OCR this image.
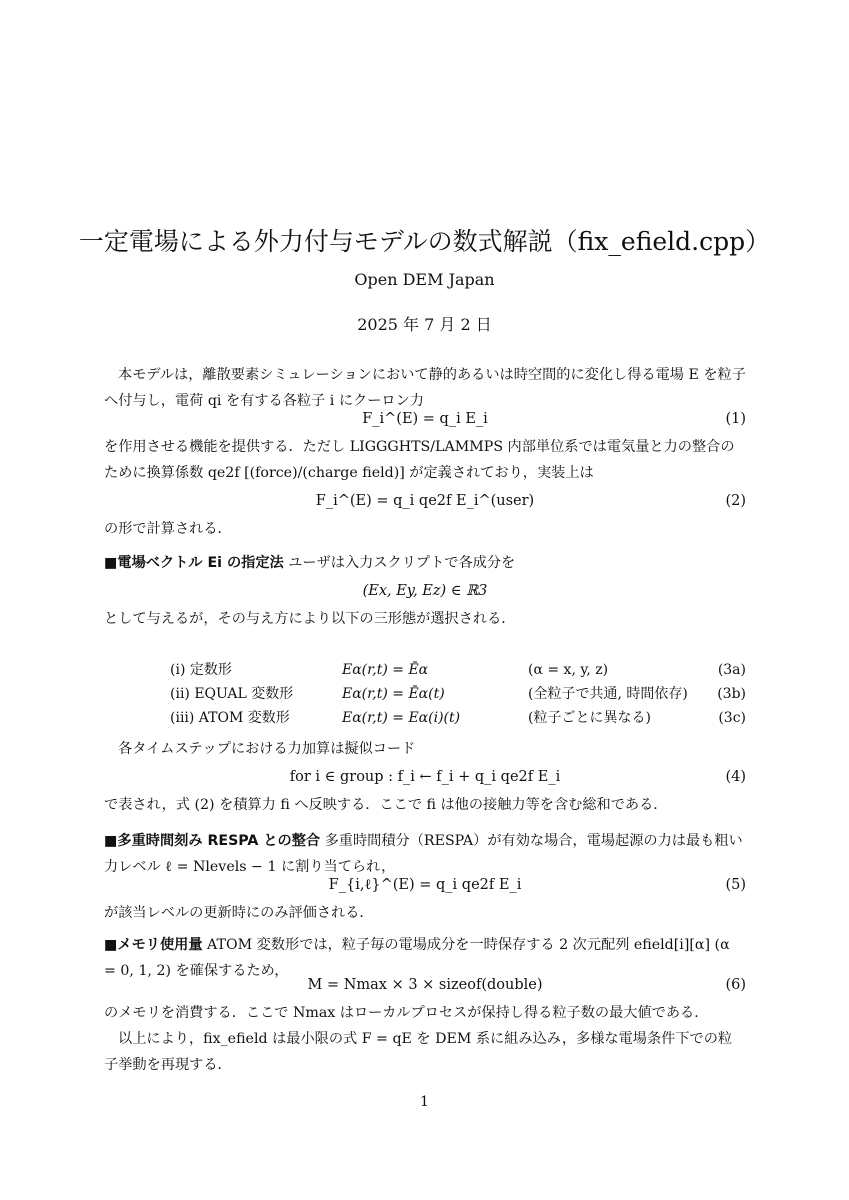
一定電場による外力付与モデルの数式解説（fix_efield.cpp）
Open DEM Japan
2025 年 7 月 2 日
本モデルは，離散要素シミュレーションにおいて静的あるいは時空間的に変化し得る電場 E を粒子へ付与し，電荷 qi を有する各粒子 i にクーロン力
F_i^(E) = q_i E_i	(1)
を作用させる機能を提供する．ただし LIGGGHTS/LAMMPS 内部単位系では電気量と力の整合のために換算係数 qe2f [(force)/(charge field)] が定義されており，実装上は
F_i^(E) = q_i qe2f E_i^(user)	(2)
の形で計算される．
■電場ベクトル Ei の指定法 ユーザは入力スクリプトで各成分を
(Ex, Ey, Ez) ∈ ℝ3
として与えるが，その与え方により以下の三形態が選択される．
(i) 定数形	Eα(r,t) = Ēα	(α = x, y, z)	(3a)
(ii) EQUAL 変数形	Eα(r,t) = Ēα(t)	(全粒子で共通, 時間依存) (3b)
(iii) ATOM 変数形	Eα(r,t) = Eα(i)(t)	(粒子ごとに異なる)	(3c)
各タイムステップにおける力加算は擬似コード
for i ∈ group : f_i ← f_i + q_i qe2f E_i	(4)
で表され，式 (2) を積算力 fi へ反映する．ここで fi は他の接触力等を含む総和である．
■多重時間刻み RESPA との整合 多重時間積分（RESPA）が有効な場合，電場起源の力は最も粗い力レベル ℓ = Nlevels − 1 に割り当てられ，
F_{i,ℓ}^(E) = q_i qe2f E_i	(5)
が該当レベルの更新時にのみ評価される．
■メモリ使用量 ATOM 変数形では，粒子毎の電場成分を一時保存する 2 次元配列 efield[i][α] (α = 0, 1, 2) を確保するため，
M = Nmax × 3 × sizeof(double)	(6)
のメモリを消費する．ここで Nmax はローカルプロセスが保持し得る粒子数の最大値である．
以上により，fix_efield は最小限の式 F = qE を DEM 系に組み込み，多様な電場条件下での粒子挙動を再現する．
1
